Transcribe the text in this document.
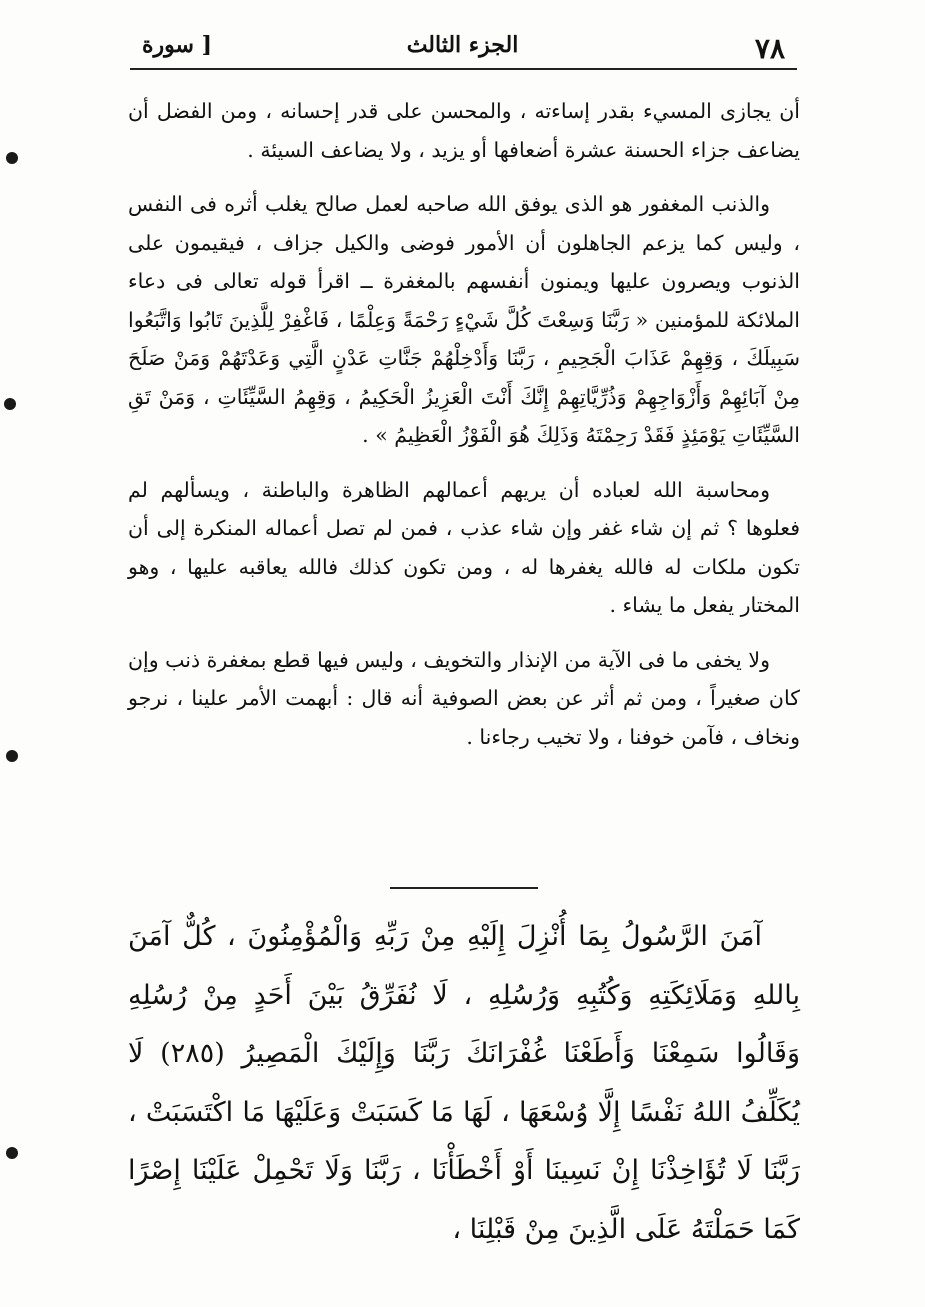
٧٨
الجزء الثالث
[ سورة

أن يجازى المسيء بقدر إساءته ، والمحسن على قدر إحسانه ، ومن الفضل أن يضاعف جزاء الحسنة عشرة أضعافها أو يزيد ، ولا يضاعف السيئة .

والذنب المغفور هو الذى يوفق الله صاحبه لعمل صالح يغلب أثره فى النفس ، وليس كما يزعم الجاهلون أن الأمور فوضى والكيل جزاف ، فيقيمون على الذنوب ويصرون عليها ويمنون أنفسهم بالمغفرة ــ اقرأ قوله تعالى فى دعاء الملائكة للمؤمنين « رَبَّنَا وَسِعْتَ كُلَّ شَيْءٍ رَحْمَةً وَعِلْمًا ، فَاغْفِرْ لِلَّذِينَ تَابُوا وَاتَّبَعُوا سَبِيلَكَ ، وَقِهِمْ عَذَابَ الْجَحِيمِ ، رَبَّنَا وَأَدْخِلْهُمْ جَنَّاتِ عَدْنٍ الَّتِي وَعَدْتَهُمْ وَمَنْ صَلَحَ مِنْ آبَائِهِمْ وَأَزْوَاجِهِمْ وَذُرِّيَّاتِهِمْ إِنَّكَ أَنْتَ الْعَزِيزُ الْحَكِيمُ ، وَقِهِمُ السَّيِّئَاتِ ، وَمَنْ تَقِ السَّيِّئَاتِ يَوْمَئِذٍ فَقَدْ رَحِمْتَهُ وَذَلِكَ هُوَ الْفَوْزُ الْعَظِيمُ » .

ومحاسبة الله لعباده أن يريهم أعمالهم الظاهرة والباطنة ، ويسألهم لم فعلوها ؟ ثم إن شاء غفر وإن شاء عذب ، فمن لم تصل أعماله المنكرة إلى أن تكون ملكات له فالله يغفرها له ، ومن تكون كذلك فالله يعاقبه عليها ، وهو المختار يفعل ما يشاء .

ولا يخفى ما فى الآية من الإنذار والتخويف ، وليس فيها قطع بمغفرة ذنب وإن كان صغيراً ، ومن ثم أثر عن بعض الصوفية أنه قال : أبهمت الأمر علينا ، نرجو ونخاف ، فآمن خوفنا ، ولا تخيب رجاءنا .

آمَنَ الرَّسُولُ بِمَا أُنْزِلَ إِلَيْهِ مِنْ رَبِّهِ وَالْمُؤْمِنُونَ ، كُلٌّ آمَنَ بِاللهِ وَمَلَائِكَتِهِ وَكُتُبِهِ وَرُسُلِهِ ، لَا نُفَرِّقُ بَيْنَ أَحَدٍ مِنْ رُسُلِهِ وَقَالُوا سَمِعْنَا وَأَطَعْنَا غُفْرَانَكَ رَبَّنَا وَإِلَيْكَ الْمَصِيرُ (٢٨٥) لَا يُكَلِّفُ اللهُ نَفْسًا إِلَّا وُسْعَهَا ، لَهَا مَا كَسَبَتْ وَعَلَيْهَا مَا اكْتَسَبَتْ ، رَبَّنَا لَا تُؤَاخِذْنَا إِنْ نَسِينَا أَوْ أَخْطَأْنَا ، رَبَّنَا وَلَا تَحْمِلْ عَلَيْنَا إِصْرًا كَمَا حَمَلْتَهُ عَلَى الَّذِينَ مِنْ قَبْلِنَا ،
